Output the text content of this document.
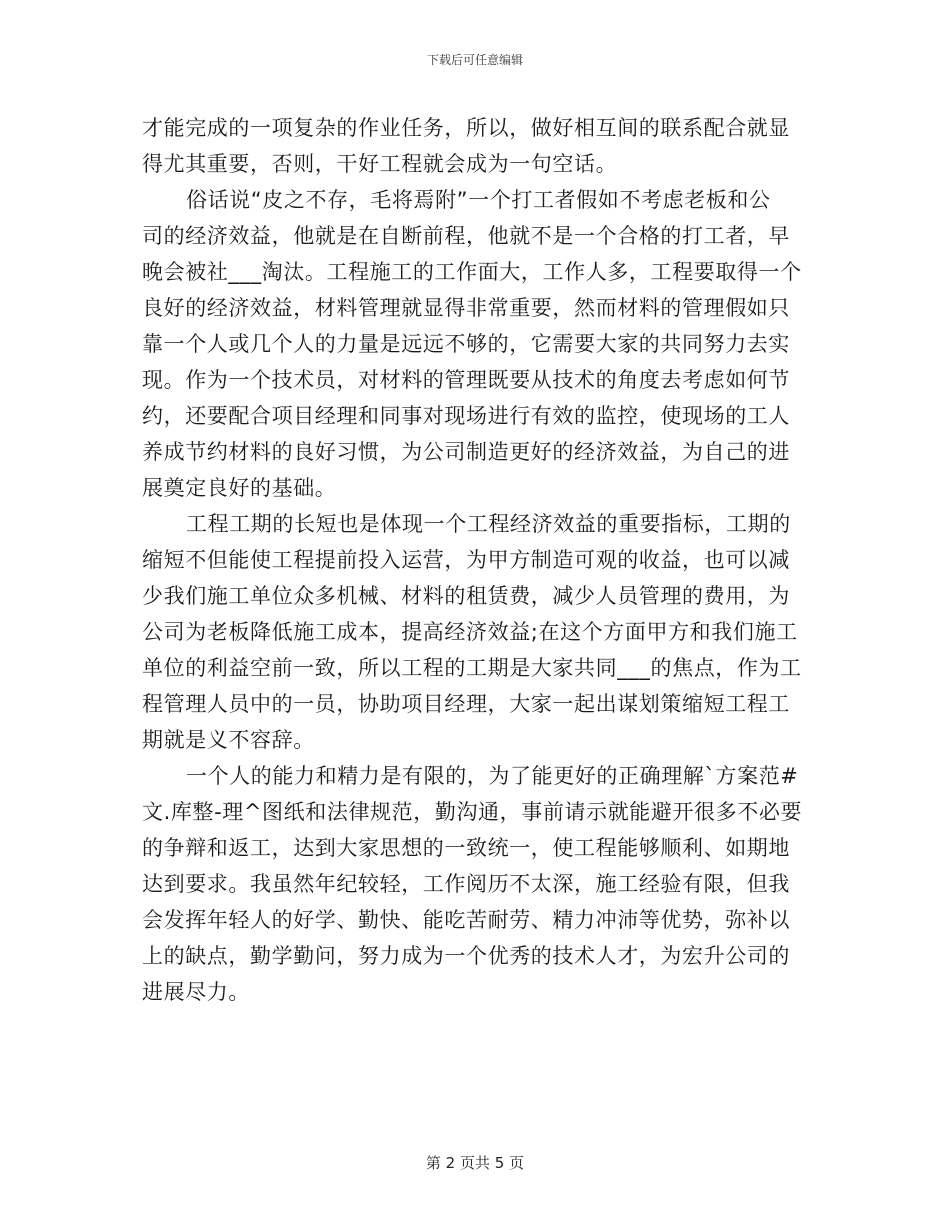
下载后可任意编辑
才能完成的一项复杂的作业任务，所以，做好相互间的联系配合就显
得尤其重要，否则，干好工程就会成为一句空话。
俗话说“皮之不存，毛将焉附”一个打工者假如不考虑老板和公
司的经济效益，他就是在自断前程，他就不是一个合格的打工者，早
晚会被社___淘汰。工程施工的工作面大，工作人多，工程要取得一个
良好的经济效益，材料管理就显得非常重要，然而材料的管理假如只
靠一个人或几个人的力量是远远不够的，它需要大家的共同努力去实
现。作为一个技术员，对材料的管理既要从技术的角度去考虑如何节
约，还要配合项目经理和同事对现场进行有效的监控，使现场的工人
养成节约材料的良好习惯，为公司制造更好的经济效益，为自己的进
展奠定良好的基础。
工程工期的长短也是体现一个工程经济效益的重要指标，工期的
缩短不但能使工程提前投入运营，为甲方制造可观的收益，也可以减
少我们施工单位众多机械、材料的租赁费，减少人员管理的费用，为
公司为老板降低施工成本，提高经济效益;在这个方面甲方和我们施工
单位的利益空前一致，所以工程的工期是大家共同___的焦点，作为工
程管理人员中的一员，协助项目经理，大家一起出谋划策缩短工程工
期就是义不容辞。
一个人的能力和精力是有限的，为了能更好的正确理解`方案范#
文.库整-理^图纸和法律规范，勤沟通，事前请示就能避开很多不必要
的争辩和返工，达到大家思想的一致统一，使工程能够顺利、如期地
达到要求。我虽然年纪较轻，工作阅历不太深，施工经验有限，但我
会发挥年轻人的好学、勤快、能吃苦耐劳、精力冲沛等优势，弥补以
上的缺点，勤学勤问，努力成为一个优秀的技术人才，为宏升公司的
进展尽力。
第 2 页共 5 页
